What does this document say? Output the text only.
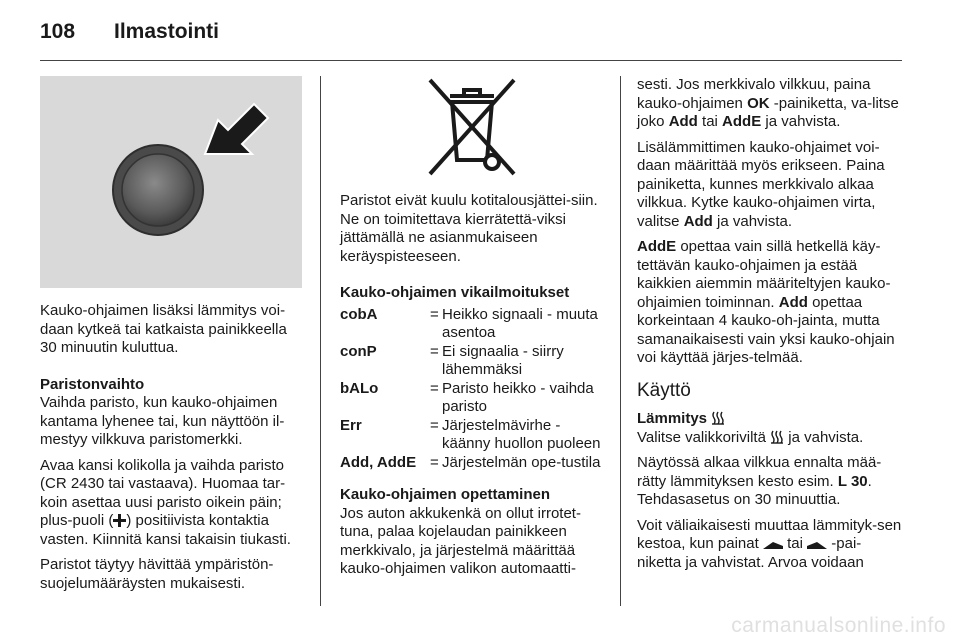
108 Ilmastointi

Kauko-ohjaimen lisäksi lämmitys voi-daan kytkeä tai katkaista painikkeella 30 minuutin kuluttua.

Paristonvaihto

Vaihda paristo, kun kauko-ohjaimen kantama lyhenee tai, kun näyttöön il-mestyy vilkkuva paristomerkki.

Avaa kansi kolikolla ja vaihda paristo (CR 2430 tai vastaava). Huomaa tar-koin asettaa uusi paristo oikein päin; plus-puoli ( ) positiivista kontaktia vasten. Kiinnitä kansi takaisin tiukasti.

Paristot täytyy hävittää ympäristön-suojelumääräysten mukaisesti.

Paristot eivät kuulu kotitalousjättei-siin. Ne on toimitettava kierrätettä-viksi jättämällä ne asianmukaiseen keräyspisteeseen.

Kauko-ohjaimen vikailmoitukset
cobA	=	Heikko signaali - muuta asentoa
conP	=	Ei signaalia - siirry lähemmäksi
bALo	=	Paristo heikko - vaihda paristo
Err	=	Järjestelmävirhe - käänny huollon puoleen
Add, AddE	=	Järjestelmän ope-tustila
Kauko-ohjaimen opettaminen

Jos auton akkukenkä on ollut irrotet-tuna, palaa kojelaudan painikkeen merkkivalo, ja järjestelmä määrittää kauko-ohjaimen valikon automaatti-

sesti. Jos merkkivalo vilkkuu, paina kauko-ohjaimen OK -painiketta, va-litse joko Add tai AddE ja vahvista.

Lisälämmittimen kauko-ohjaimet voi-daan määrittää myös erikseen. Paina painiketta, kunnes merkkivalo alkaa vilkkua. Kytke kauko-ohjaimen virta, valitse Add ja vahvista.

AddE opettaa vain sillä hetkellä käy-tettävän kauko-ohjaimen ja estää kaikkien aiemmin määriteltyjen kauko-ohjaimien toiminnan. Add opettaa korkeintaan 4 kauko-oh-jainta, mutta samanaikaisesti vain yksi kauko-ohjain voi käyttää järjes-telmää.

Käyttö
Lämmitys

Valitse valikkoriviltä  ja vahvista.

Näytössä alkaa vilkkua ennalta mää-rätty lämmityksen kesto esim. L 30. Tehdasasetus on 30 minuuttia.

Voit väliaikaisesti muuttaa lämmityk-sen kestoa, kun painat  tai  -pai-niketta ja vahvistat. Arvoa voidaan

carmanualsonline.info
